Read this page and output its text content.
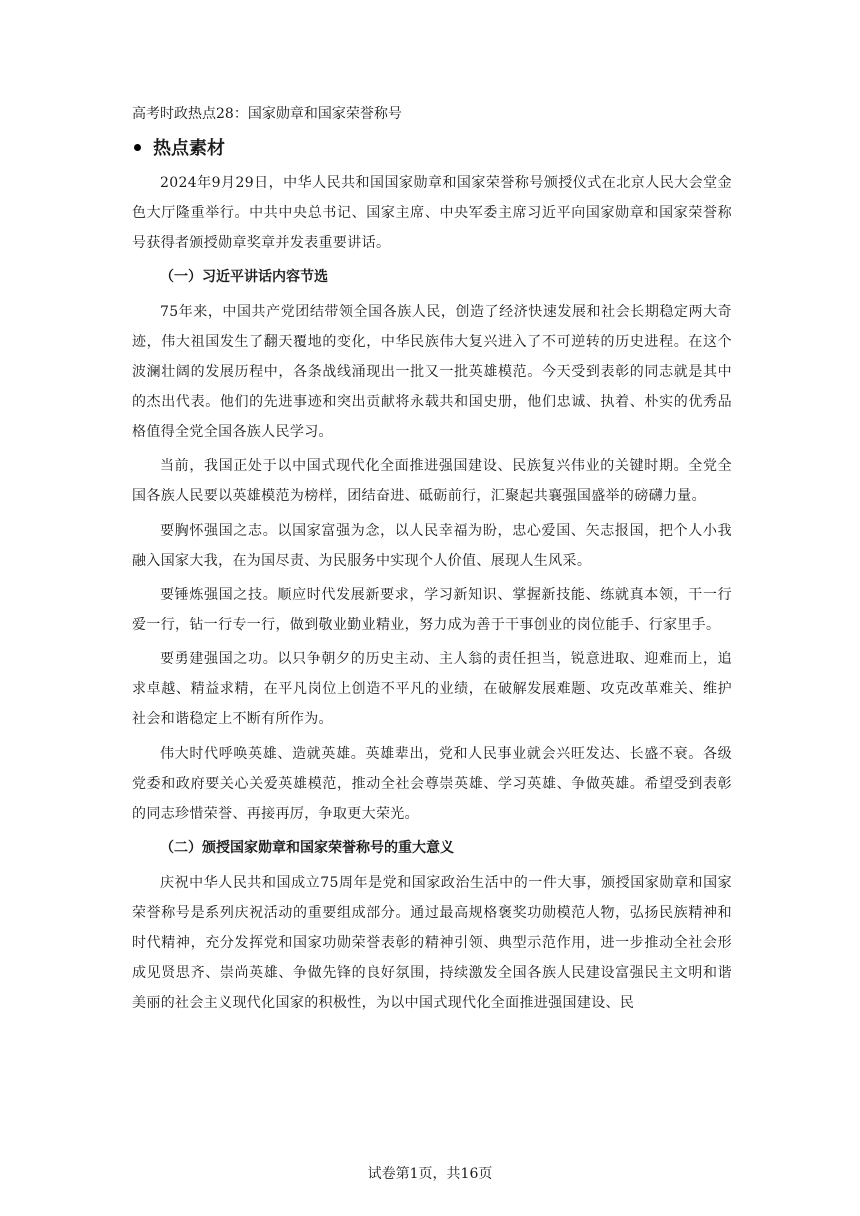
高考时政热点28：国家勋章和国家荣誉称号
热点素材

2024年9月29日，中华人民共和国国家勋章和国家荣誉称号颁授仪式在北京人民大会堂金色大厅隆重举行。中共中央总书记、国家主席、中央军委主席习近平向国家勋章和国家荣誉称号获得者颁授勋章奖章并发表重要讲话。

（一）习近平讲话内容节选

75年来，中国共产党团结带领全国各族人民，创造了经济快速发展和社会长期稳定两大奇迹，伟大祖国发生了翻天覆地的变化，中华民族伟大复兴进入了不可逆转的历史进程。在这个波澜壮阔的发展历程中，各条战线涌现出一批又一批英雄模范。今天受到表彰的同志就是其中的杰出代表。他们的先进事迹和突出贡献将永载共和国史册，他们忠诚、执着、朴实的优秀品格值得全党全国各族人民学习。

当前，我国正处于以中国式现代化全面推进强国建设、民族复兴伟业的关键时期。全党全国各族人民要以英雄模范为榜样，团结奋进、砥砺前行，汇聚起共襄强国盛举的磅礴力量。

要胸怀强国之志。以国家富强为念，以人民幸福为盼，忠心爱国、矢志报国，把个人小我融入国家大我，在为国尽责、为民服务中实现个人价值、展现人生风采。

要锤炼强国之技。顺应时代发展新要求，学习新知识、掌握新技能、练就真本领，干一行爱一行，钻一行专一行，做到敬业勤业精业，努力成为善于干事创业的岗位能手、行家里手。

要勇建强国之功。以只争朝夕的历史主动、主人翁的责任担当，锐意进取、迎难而上，追求卓越、精益求精，在平凡岗位上创造不平凡的业绩，在破解发展难题、攻克改革难关、维护社会和谐稳定上不断有所作为。

伟大时代呼唤英雄、造就英雄。英雄辈出，党和人民事业就会兴旺发达、长盛不衰。各级党委和政府要关心关爱英雄模范，推动全社会尊崇英雄、学习英雄、争做英雄。希望受到表彰的同志珍惜荣誉、再接再厉，争取更大荣光。

（二）颁授国家勋章和国家荣誉称号的重大意义

庆祝中华人民共和国成立75周年是党和国家政治生活中的一件大事，颁授国家勋章和国家荣誉称号是系列庆祝活动的重要组成部分。通过最高规格褒奖功勋模范人物，弘扬民族精神和时代精神，充分发挥党和国家功勋荣誉表彰的精神引领、典型示范作用，进一步推动全社会形成见贤思齐、崇尚英雄、争做先锋的良好氛围，持续激发全国各族人民建设富强民主文明和谐美丽的社会主义现代化国家的积极性，为以中国式现代化全面推进强国建设、民

试卷第1页，共16页
